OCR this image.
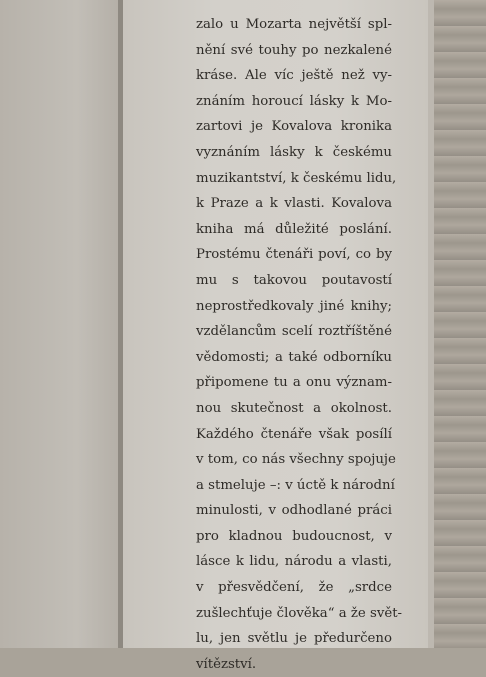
zalo u Mozarta největší spl-
nění své touhy po nezkalené
kráse. Ale víc ještě než vy-
znáním horoucí lásky k Mo-
zartovi je Kovalova kronika
vyznáním lásky k českému
muzikantství, k českému lidu,
k Praze a k vlasti. Kovalova
kniha má důležité poslání.
Prostému čtenáři poví, co by
mu s takovou poutavostí
neprostředkovaly jiné knihy;
vzdělancům scelí roztříštěné
vědomosti; a také odborníku
připomene tu a onu význam-
nou skutečnost a okolnost.
Každého čtenáře však posílí
v tom, co nás všechny spojuje
a stmeluje –: v úctě k národní
minulosti, v odhodlané práci
pro kladnou budoucnost, v
lásce k lidu, národu a vlasti,
v přesvědčení, že „srdce
zušlechťuje člověka“ a že svět-
lu, jen světlu je předurčeno
vítězství.
